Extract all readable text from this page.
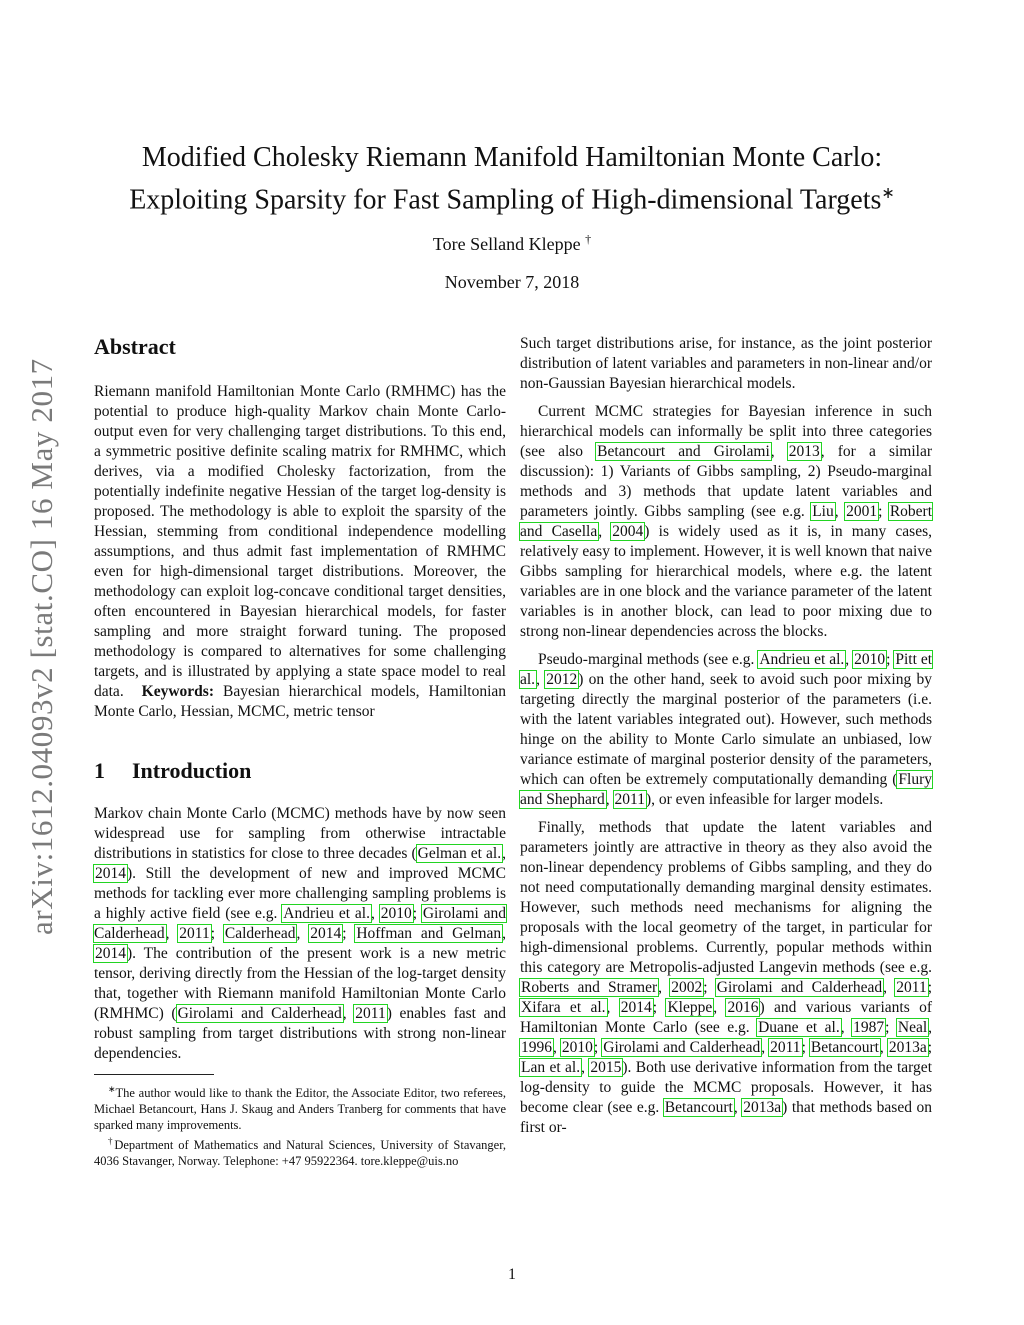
arXiv:1612.04093v2 [stat.CO] 16 May 2017
Modified Cholesky Riemann Manifold Hamiltonian Monte Carlo:
Exploiting Sparsity for Fast Sampling of High-dimensional Targets∗
Tore Selland Kleppe †
November 7, 2018
Abstract

Riemann manifold Hamiltonian Monte Carlo (RMHMC) has the potential to produce high-quality Markov chain Monte Carlo-output even for very challenging target distributions. To this end, a symmetric positive definite scaling matrix for RMHMC, which derives, via a modified Cholesky factorization, from the potentially indefinite negative Hessian of the target log-density is proposed. The methodology is able to exploit the sparsity of the Hessian, stemming from conditional independence modelling assumptions, and thus admit fast implementation of RMHMC even for high-dimensional target distributions. Moreover, the methodology can exploit log-concave conditional target densities, often encountered in Bayesian hierarchical models, for faster sampling and more straight forward tuning. The proposed methodology is compared to alternatives for some challenging targets, and is illustrated by applying a state space model to real data. Keywords: Bayesian hierarchical models, Hamiltonian Monte Carlo, Hessian, MCMC, metric tensor

1 Introduction

Markov chain Monte Carlo (MCMC) methods have by now seen widespread use for sampling from otherwise intractable distributions in statistics for close to three decades (Gelman et al., 2014). Still the development of new and improved MCMC methods for tackling ever more challenging sampling problems is a highly active field (see e.g. Andrieu et al., 2010; Girolami and Calderhead, 2011; Calderhead, 2014; Hoffman and Gelman, 2014). The contribution of the present work is a new metric tensor, deriving directly from the Hessian of the log-target density that, together with Riemann manifold Hamiltonian Monte Carlo (RMHMC) (Girolami and Calderhead, 2011) enables fast and robust sampling from target distributions with strong non-linear dependencies.

∗The author would like to thank the Editor, the Associate Editor, two referees, Michael Betancourt, Hans J. Skaug and Anders Tranberg for comments that have sparked many improvements.

†Department of Mathematics and Natural Sciences, University of Stavanger, 4036 Stavanger, Norway. Telephone: +47 95922364. tore.kleppe@uis.no

Such target distributions arise, for instance, as the joint posterior distribution of latent variables and parameters in non-linear and/or non-Gaussian Bayesian hierarchical models.

Current MCMC strategies for Bayesian inference in such hierarchical models can informally be split into three categories (see also Betancourt and Girolami, 2013, for a similar discussion): 1) Variants of Gibbs sampling, 2) Pseudo-marginal methods and 3) methods that update latent variables and parameters jointly. Gibbs sampling (see e.g. Liu, 2001; Robert and Casella, 2004) is widely used as it is, in many cases, relatively easy to implement. However, it is well known that naive Gibbs sampling for hierarchical models, where e.g. the latent variables are in one block and the variance parameter of the latent variables is in another block, can lead to poor mixing due to strong non-linear dependencies across the blocks.

Pseudo-marginal methods (see e.g. Andrieu et al., 2010; Pitt et al., 2012) on the other hand, seek to avoid such poor mixing by targeting directly the marginal posterior of the parameters (i.e. with the latent variables integrated out). However, such methods hinge on the ability to Monte Carlo simulate an unbiased, low variance estimate of marginal posterior density of the parameters, which can often be extremely computationally demanding (Flury and Shephard, 2011), or even infeasible for larger models.

Finally, methods that update the latent variables and parameters jointly are attractive in theory as they also avoid the non-linear dependency problems of Gibbs sampling, and they do not need computationally demanding marginal density estimates. However, such methods need mechanisms for aligning the proposals with the local geometry of the target, in particular for high-dimensional problems. Currently, popular methods within this category are Metropolis-adjusted Langevin methods (see e.g. Roberts and Stramer, 2002; Girolami and Calderhead, 2011; Xifara et al., 2014; Kleppe, 2016) and various variants of Hamiltonian Monte Carlo (see e.g. Duane et al., 1987; Neal, 1996, 2010; Girolami and Calderhead, 2011; Betancourt, 2013a; Lan et al., 2015). Both use derivative information from the target log-density to guide the MCMC proposals. However, it has become clear (see e.g. Betancourt, 2013a) that methods based on first or-

1
